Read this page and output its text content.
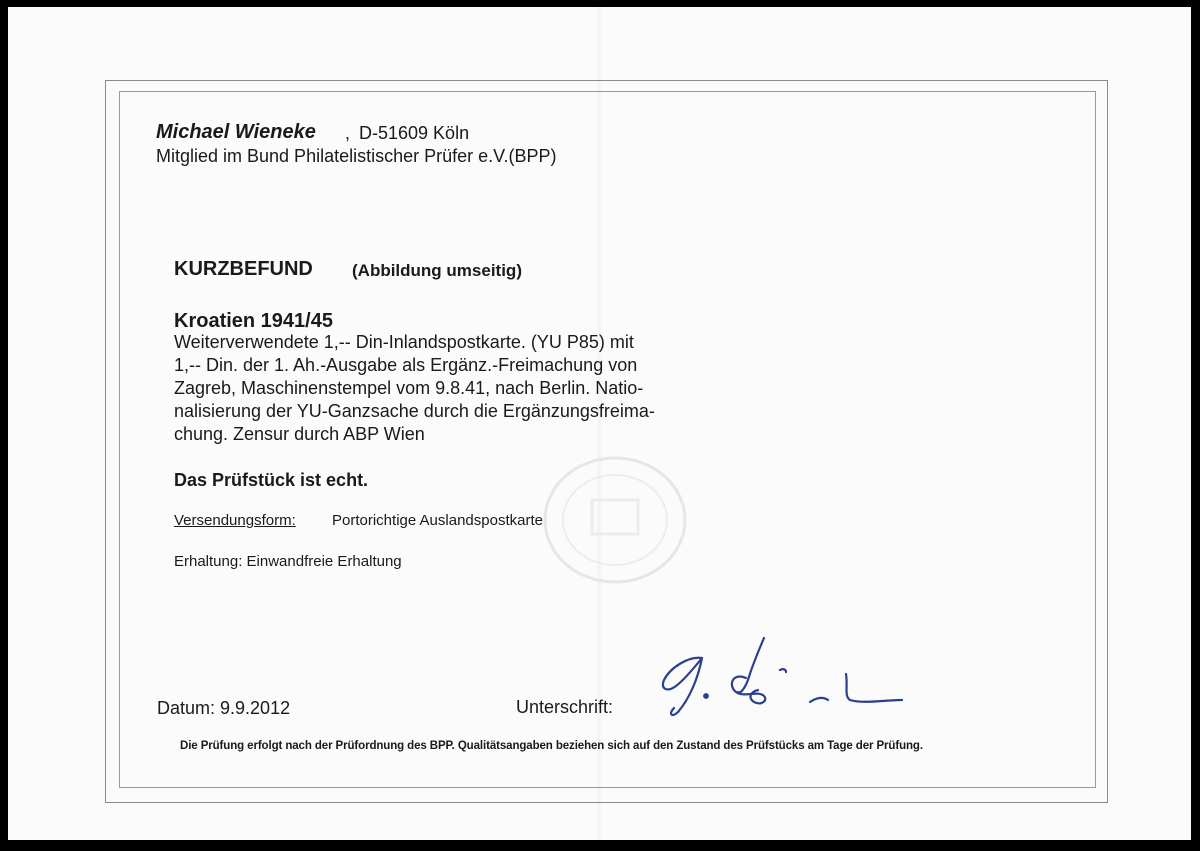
Michael Wieneke , D-51609 Köln

Mitglied im Bund Philatelistischer Prüfer e.V.(BPP)

KURZBEFUND (Abbildung umseitig)

Kroatien 1941/45

Weiterverwendete 1,-- Din-Inlandspostkarte. (YU P85) mit

1,-- Din. der 1. Ah.-Ausgabe als Ergänz.-Freimachung von

Zagreb, Maschinenstempel vom 9.8.41, nach Berlin. Natio-

nalisierung der YU-Ganzsache durch die Ergänzungsfreima-

chung. Zensur durch ABP Wien

Das Prüfstück ist echt.

Versendungsform: Portorichtige Auslandspostkarte.

Erhaltung: Einwandfreie Erhaltung

Datum: 9.9.2012	Unterschrift:

Die Prüfung erfolgt nach der Prüfordnung des BPP. Qualitätsangaben beziehen sich auf den Zustand des Prüfstücks am Tage der Prüfung.
